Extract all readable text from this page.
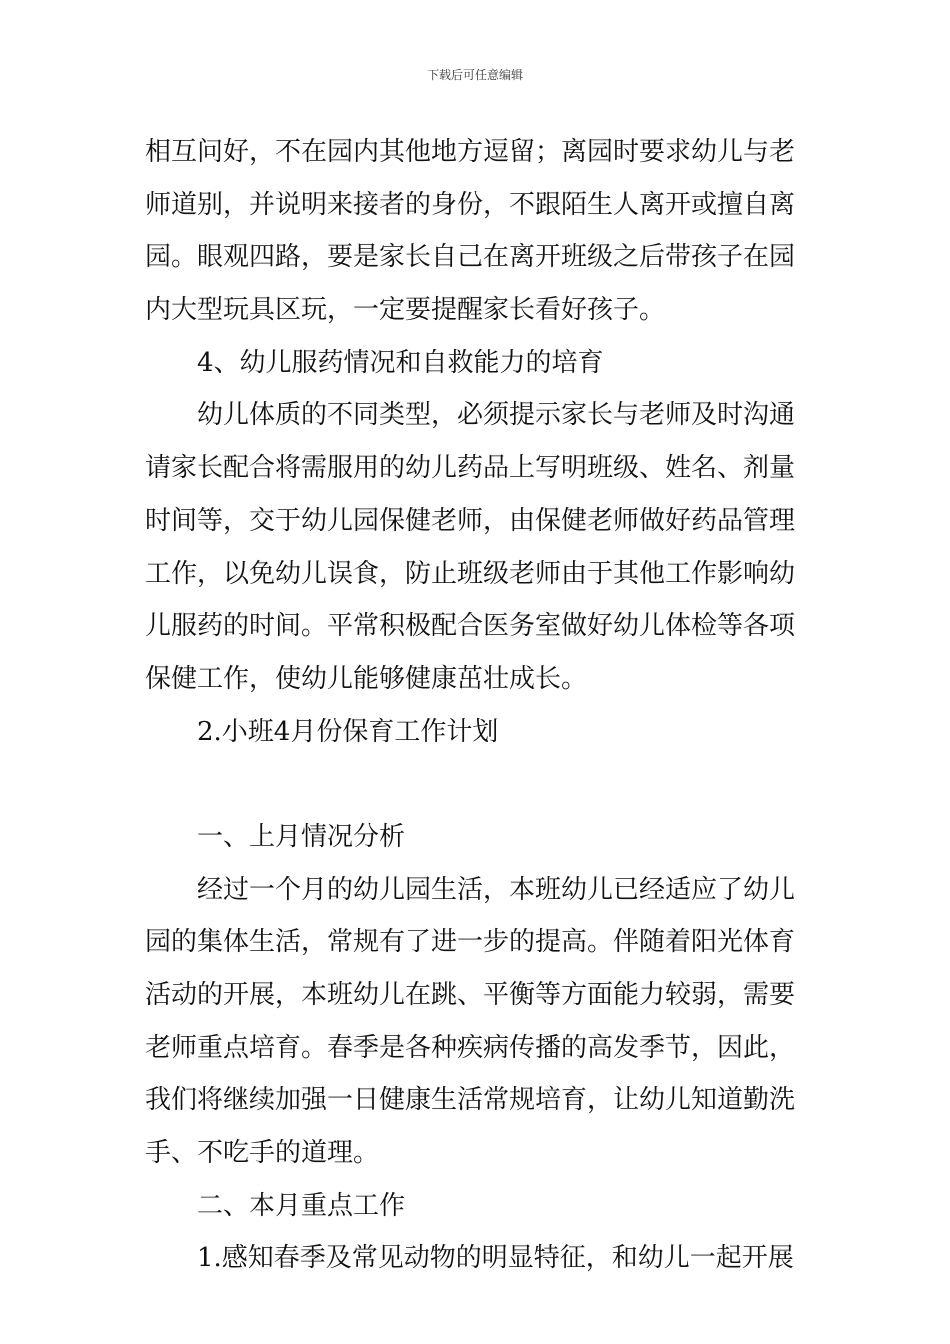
下载后可任意编辑
相互问好，不在园内其他地方逗留；离园时要求幼儿与老
师道别，并说明来接者的身份，不跟陌生人离开或擅自离
园。眼观四路，要是家长自己在离开班级之后带孩子在园
内大型玩具区玩，一定要提醒家长看好孩子。
4、幼儿服药情况和自救能力的培育
幼儿体质的不同类型，必须提示家长与老师及时沟通
请家长配合将需服用的幼儿药品上写明班级、姓名、剂量
时间等，交于幼儿园保健老师，由保健老师做好药品管理
工作，以免幼儿误食，防止班级老师由于其他工作影响幼
儿服药的时间。平常积极配合医务室做好幼儿体检等各项
保健工作，使幼儿能够健康茁壮成长。
2.小班4月份保育工作计划
一、上月情况分析
经过一个月的幼儿园生活，本班幼儿已经适应了幼儿
园的集体生活，常规有了进一步的提高。伴随着阳光体育
活动的开展，本班幼儿在跳、平衡等方面能力较弱，需要
老师重点培育。春季是各种疾病传播的高发季节，因此，
我们将继续加强一日健康生活常规培育，让幼儿知道勤洗
手、不吃手的道理。
二、本月重点工作
1.感知春季及常见动物的明显特征，和幼儿一起开展
